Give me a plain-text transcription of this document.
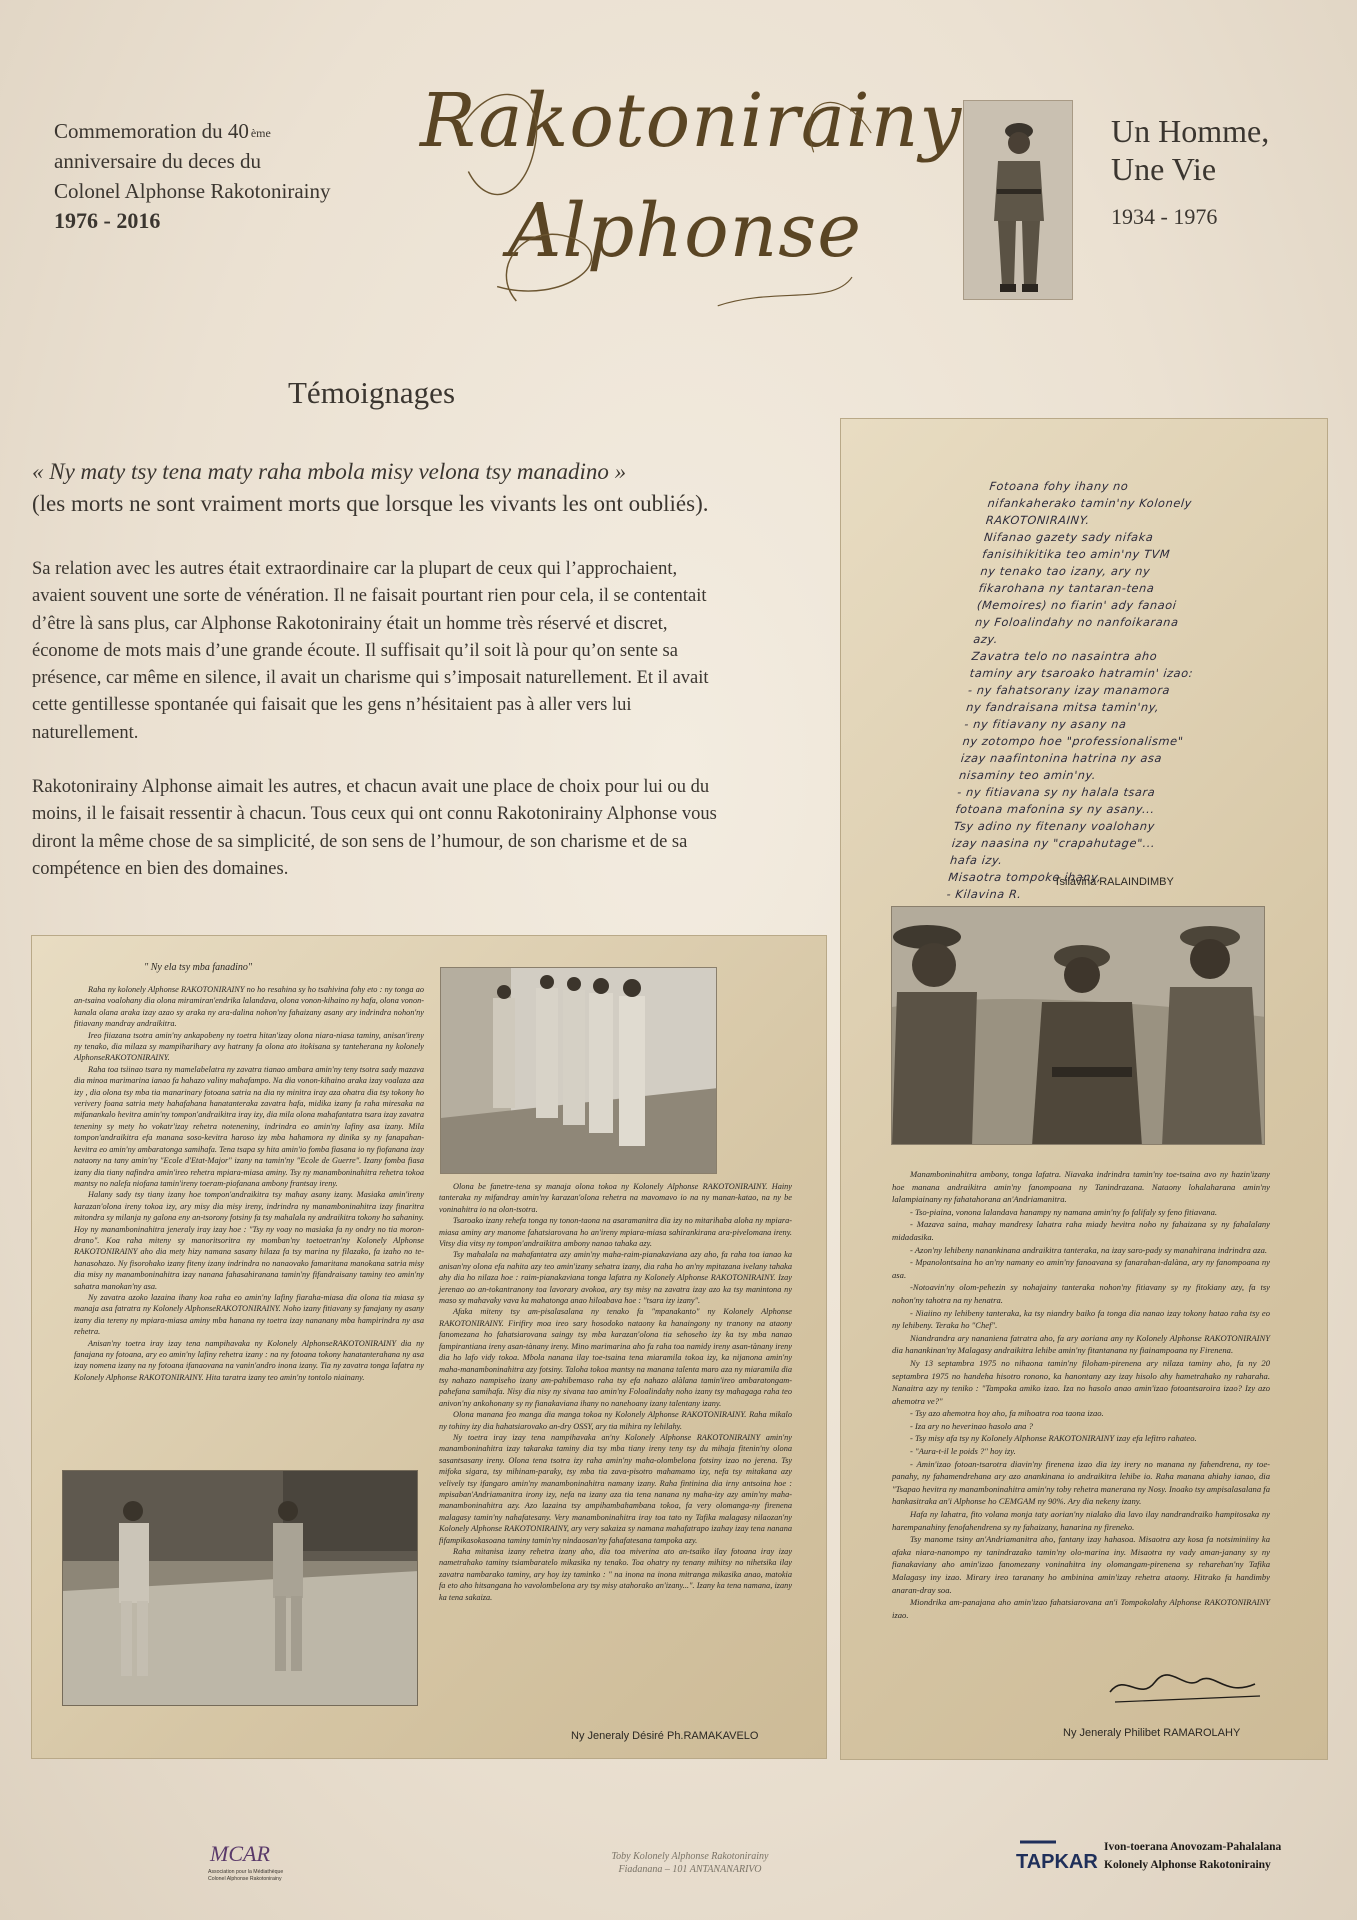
Commemoration du 40 $^{ème}$
anniversaire du deces du
Colonel Alphonse Rakotonirainy
1976 - 2016
Rakotonirainy
Alphonse
Un Homme,
Une Vie
1934 - 1976
Témoignages
« Ny maty tsy tena maty raha mbola misy velona tsy manadino »
(les morts ne sont vraiment morts que lorsque les vivants les ont oubliés).
Sa relation avec les autres était extraordinaire car la plupart de ceux qui l’approchaient, avaient souvent une sorte de vénération. Il ne faisait pourtant rien pour cela, il se contentait d’être là sans plus, car Alphonse Rakotonirainy était un homme très réservé et discret, économe de mots mais d’une grande écoute. Il suffisait qu’il soit là pour qu’on sente sa présence, car même en silence, il avait un charisme qui s’imposait naturellement. Et il avait cette gentillesse spontanée qui faisait que les gens n’hésitaient pas à aller vers lui naturellement.
Rakotonirainy Alphonse aimait les autres, et chacun avait une place de choix pour lui ou du moins, il le faisait ressentir à chacun. Tous ceux qui ont connu Rakotonirainy Alphonse vous diront la même chose de sa simplicité, de son sens de l’humour, de son charisme et de sa compétence en bien des domaines.
Fotoana fohy ihany no
nifankaherako tamin'ny Kolonely
RAKOTONIRAINY.
Nifanao gazety sady nifaka
fanisihikitika teo amin'ny TVM
ny tenako tao izany, ary ny
fikarohana ny tantaran-tena
(Memoires) no fiarin' ady fanaoi
ny Foloalindahy no nanfoikarana
azy.
Zavatra telo no nasaintra aho
taminy ary tsaroako hatramin' izao:
- ny fahatsorany izay manamora
ny fandraisana mitsa tamin'ny,
- ny fitiavany ny asany na
ny zotompo hoe "professionalisme"
izay naafintonina hatrina ny asa
nisaminy teo amin'ny.
- ny fitiavana sy ny halala tsara
fotoana mafonina sy ny asany...
Tsy adino ny fitenany voalohany
izay naasina ny "crapahutage"...
hafa izy.
Misaotra tompoko ihany,
- Kilavina R.
Tsilavina RALAINDIMBY

Manamboninahitra ambony, tonga lafatra. Niavaka indrindra tamin'ny toe-tsaina avo ny hazin'izany hoe manana andraikitra amin'ny fanompoana ny Tanindrazana. Nataony lohalaharana amin'ny lalampiainany ny fahatahorana an'Andriamanitra.

- Tso-piaina, vonona lalandava hanampy ny namana amin'ny fo falifaly sy feno fitiavana.

- Mazava saina, mahay mandresy lahatra raha miady hevitra noho ny fahaizana sy ny fahalalany midadasika.

- Azon'ny lehibeny nanankinana andraikitra tanteraka, na izay saro-pady sy manahirana indrindra aza.

- Mpanolontsaina ho an'ny namany eo amin'ny fanoavana sy fanarahan-dalàna, ary ny fanompoana ny asa.

-Notoavin'ny olom-pehezin sy nohajainy tanteraka nohon'ny fitiavany sy ny fitokiany azy, fa tsy nohon'ny tahotra na ny henatra.

- Niaiino ny lehibeny tanteraka, ka tsy niandry baiko fa tonga dia nanao izay tokony hatao raha tsy eo ny lehibeny. Teraka ho "Chef".

Niandrandra ary nananiena fatratra aho, fa ary aoriana any ny Kolonely Alphonse RAKOTONIRAINY dia hanankinan'ny Malagasy andraikitra lehibe amin'ny fitantanana ny fiainampoana ny Firenena.

Ny 13 septambra 1975 no nihaona tamin'ny filoham-pirenena ary nilaza taminy aho, fa ny 20 septambra 1975 no handeha hisotro ronono, ka hanontany azy izay hisolo ahy hametrahako ny raharaha. Nanaitra azy ny teniko : "Tampoka amiko izao. Iza no hasolo anao amin'izao fotoantsaroira izao? Izy azo ahemotra ve?"

- Tsy azo ahemotra hoy aho, fa mihoatra roa taona izao.

- Iza ary no heverinao hasolo ana ?

- Tsy misy afa tsy ny Kolonely Alphonse RAKOTONIRAINY izay efa lefitro rahateo.

- "Aura-t-il le poids ?" hoy izy.

- Amin'izao fotoan-tsarotra diavin'ny firenena izao dia izy irery no manana ny fahendrena, ny toe-panahy, ny fahamendrehana ary azo anankinana io andraikitra lehibe io. Raha manana ahiahy ianao, dia "Tsapao hevitra ny manamboninahitra amin'ny toby rehetra manerana ny Nosy. Inoako tsy ampisalasalana fa hankasitraka an'i Alphonse ho CEMGAM ny 90%. Ary dia nekeny izany.

Hafa ny lahatra, fito volana monja taty aorian'ny nialako dia lavo ilay nandrandraiko hampitosaka ny harempanahiny fenofahendrena sy ny fahaizany, hanarina ny fireneko.

Tsy manome tsiny an'Andriamanitra aho, fantany izay hahasoa. Misaotra azy kosa fa notsiminiiny ka afaka niara-nanompo ny tanindrazako tamin'ny olo-marina iny. Misaotra ny vady aman-janany sy ny fianakaviany aho amin'izao fanomezany voninahitra iny olomangam-pirenena sy reharehan'ny Tafika Malagasy iny izao. Mirary ireo taranany ho ambinina amin'izay rehetra ataony. Hitrako fa handimby anaran-dray soa.

Miondrika am-panajana aho amin'izao fahatsiarovana an'i Tompokolahy Alphonse RAKOTONIRAINY izao.

Ny Jeneraly Philibet RAMAROLAHY
" Ny ela tsy mba fanadino"

Raha ny kolonely Alphonse RAKOTONIRAINY no ho resahina sy ho tsahivina fohy eto : ny tonga ao an-tsaina voalohany dia olona miramiran'endrika lalandava, olona vonon-kihaino ny hafa, olona vonon-kanala olana araka izay azao sy araka ny ara-dalina nohon'ny fahaizany asany ary indrindra nohon'ny fitiavany mandray andraikitra.

Ireo fiiazana tsotra amin'ny ankapobeny ny toetra hitan'izay olona niara-niasa taminy, anisan'ireny ny tenako, dia milaza sy mampiharihary avy hatrany fa olona ato itokisana sy tanteherana ny kolonely AlphonseRAKOTONIRAINY.

Raha toa tsiinao tsara ny mamelabelatra ny zavatra tianao ambara amin'ny teny tsotra sady mazava dia minoa marimarina ianao fa hahazo valiny mahafampo. Na dia vonon-kihaino araka izay voalaza aza izy , dia olona tsy mba tia manarinary fotoana satria na dia ny minitra iray aza ohatra dia tsy tokony ho verivery foana satria mety hahafahana hanatanteraka zavatra hafa, midika izany fa raha miresaka na mifanankalo hevitra amin'ny tompon'andraikitra iray izy, dia mila olona mahafantatra tsara izay zavatra teneniny sy mety ho vokatr'izay rehetra noteneniny, indrindra eo amin'ny lafiny asa izany. Mila tompon'andraikitra efa manana soso-kevitra haroso izy mba hahamora ny dinika sy ny fanapahan-kevitra eo amin'ny ambaratonga samihafa. Tena tsapa sy hita amin'io fomba fiasana io ny fiofanana izay nataony na tany amin'ny "Ecole d'Etat-Major" izany na tamin'ny "Ecole de Guerre". Izany fomba fiasa izany dia tiany nafindra amin'ireo rehetra mpiara-miasa aminy. Tsy ny manamboninahitra rehetra tokoa mantsy no nalefa niofana tamin'ireny toeram-piofanana ambony frantsay ireny.

Halany sady tsy tiany izany hoe tompon'andraikitra tsy mahay asany izany. Masiaka amin'ireny karazan'olona ireny tokoa izy, ary misy dia misy ireny, indrindra ny manamboninahitra izay finaritra mitondra sy milanja ny galona eny an-tsorony fotsiny fa tsy mahalala ny andraikitra tokony ho sahaniny. Hoy ny manamboninahitra jeneraly iray izay hoe : "Tsy ny voay no masiaka fa ny ondry no tia moron-drano". Koa raha miteny sy manoritsoritra ny momban'ny toetoetran'ny Kolonely Alphonse RAKOTONIRAINY aho dia mety hizy namana sasany hilaza fa tsy marina ny filazako, fa izaho no te-hanasohazo. Ny fisorohako izany fiteny izany indrindra no nanaovako famaritana manokana satria misy dia misy ny manamboninahitra izay nanana fahasahiranana tamin'ny fifandraisany taminy teo amin'ny sahatra manokan'ny asa.

Ny zavatra azoko lazaina ihany koa raha eo amin'ny lafiny fiaraha-miasa dia olona tia miasa sy manaja asa fatratra ny Kolonely AlphonseRAKOTONIRAINY. Noho izany fitiavany sy fanajany ny asany izany dia tereny ny mpiara-miasa aminy mba hanana ny toetra izay nananany mba hampirindra ny asa rehetra.

Anisan'ny toetra iray izay tena nampihavaka ny Kolonely AlphonseRAKOTONIRAINY dia ny fanajana ny fotoana, ary eo amin'ny lafiny rehetra izany : na ny fotoana tokony hanatanterahana ny asa izay nomena izany na ny fotoana ifanaovana na vanin'andro inona izany. Tia ny zavatra tonga lafatra ny Kolonely Alphonse RAKOTONIRAINY. Hita taratra izany teo amin'ny tontolo niainany.

Olona be fanetre-tena sy manaja olona tokoa ny Kolonely Alphonse RAKOTONIRAINY. Hainy tanteraka ny mifandray amin'ny karazan'olona rehetra na mavomavo io na ny manan-katao, na ny be voninahitra io na olon-tsotra.

Tsaroako izany rehefa tonga ny tonon-taona na asaramanitra dia izy no mitarihaba aloha ny mpiara-miasa aminy ary manome fahatsiarovana ho an'ireny mpiara-miasa sahirankirana ara-pivelomana ireny. Vitsy dia vitsy ny tompon'andraikitra ambony nanao tahaka azy.

Tsy mahalala na mahafantatra azy amin'ny maha-raim-pianakaviana azy aho, fa raha toa ianao ka anisan'ny olona efa nahita azy teo amin'izany sehatra izany, dia raha ho an'ny mpitazana ivelany tahaka ahy dia ho nilaza hoe : raim-pianakaviana tonga lafatra ny Kolonely Alphonse RAKOTONIRAINY. Izay jerenao ao an-tokantranony toa lavorary avokoa, ary tsy misy na zavatra izay azo ka tsy manintona ny maso sy mahavaky vava ka mahatonga anao hiloabava hoe : "tsara izy izany".

Afaka miteny tsy am-pisalasalana ny tenako fa "mpanakanto" ny Kolonely Alphonse RAKOTONIRAINY. Firifiry moa ireo sary hosodoko nataony ka hanaingony ny tranony na ataony fanomezana ho fahatsiarovana saingy tsy mba karazan'olona tia sehoseho izy ka tsy mba nanao fampirantiana ireny asan-tànany ireny. Mino marimarina aho fa raha toa namidy ireny asan-tànany ireny dia ho lafo vidy tokoa. Mbola nanana ilay toe-tsaina tena miaramila tokoa izy, ka nijanona amin'ny maha-manamboninahitra azy fotsiny. Taloha tokoa mantsy na manana talenta maro aza ny miaramila dia tsy nahazo nampiseho izany am-pahibemaso raha tsy efa nahazo alàlana tamin'ireo ambaratongam-pahefana samihafa. Nisy dia nisy ny sivana tao amin'ny Foloalindahy noho izany tsy mahagaga raha teo anivon'ny ankohonany sy ny fianakaviana ihany no nanehoany izany talentany izany.

Olona manana feo manga dia manga tokoa ny Kolonely Alphonse RAKOTONIRAINY. Raha mikalo ny tohiny izy dia hahatsiarovako an-dry OSSY, ary tia mihira ny lehilahy.

Ny toetra iray izay tena nampihavaka an'ny Kolonely Alphonse RAKOTONIRAINY amin'ny manamboninahitra izay takaraka taminy dia tsy mba tiany ireny teny tsy du mihaja fitenin'ny olona sasantsasany ireny. Olona tena tsotra izy raha amin'ny maha-olombelona fotsiny izao no jerena. Tsy mifoka sigara, tsy mihinam-paraky, tsy mba tia zava-pisotro mahamamo izy, nefa tsy mitakana azy velively tsy ifangaro amin'ny manamboninahitra namany izany. Raha fintinina dia irny antsoina hoe : mpisaban'Andriamanitra irony izy, nefa na izany aza tia tena nanana ny maha-izy azy amin'ny maha-manamboninahitra azy. Azo lazaina tsy ampihambahambana tokoa, fa very olomanga-ny firenena malagasy tamin'ny nahafatesany. Very manamboninahitra iray toa tato ny Tafika malagasy nilaozan'ny Kolonely Alphonse RAKOTONIRAINY, ary very sakaiza sy namana mahafatrapo izahay izay tena nanana fifampikasokasoana taminy tamin'ny nindaosan'ny fahafatesana tampoka azy.

Raha mitanisa izany rehetra izany aho, dia toa miverina ato an-tsaiko ilay fotoana iray izay nametrahako taminy tsiambaratelo mikasika ny tenako. Toa ohatry ny tenany mihitsy no nihetsika ilay zavatra nambarako taminy, ary hoy izy taminko : " na inona na inona mitranga mikasika anao, matokia fa eto aho hitsangana ho vavolombelona ary tsy misy atahorako an'izany...". Izany ka tena namana, izany ka tena sakaiza.

Ny Jeneraly Désiré Ph.RAMAKAVELO
MCAR
Association pour la Médiathèque
Colonel Alphonse Rakotonirainy
Toby Kolonely Alphonse Rakotonirainy
Fiadanana – 101 ANTANANARIVO	TAPKAR
Ivon-toerana Anovozam-Pahalalana
Kolonely Alphonse Rakotonirainy
